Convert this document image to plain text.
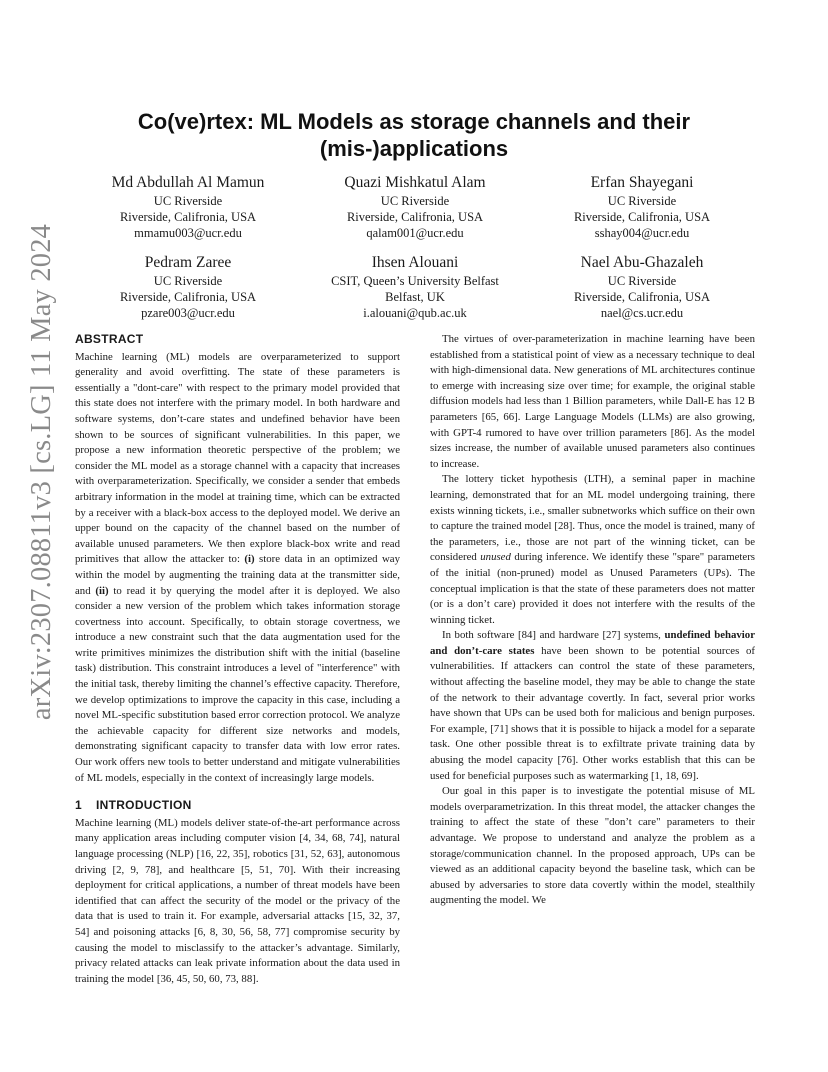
arXiv:2307.08811v3 [cs.LG] 11 May 2024
Co(ve)rtex: ML Models as storage channels and their
(mis-)applications
Md Abdullah Al Mamun
UC Riverside
Riverside, Califronia, USA
mmamu003@ucr.edu
Quazi Mishkatul Alam
UC Riverside
Riverside, Califronia, USA
qalam001@ucr.edu
Erfan Shayegani
UC Riverside
Riverside, Califronia, USA
sshay004@ucr.edu
Pedram Zaree
UC Riverside
Riverside, Califronia, USA
pzare003@ucr.edu
Ihsen Alouani
CSIT, Queen’s University Belfast
Belfast, UK
i.alouani@qub.ac.uk
Nael Abu-Ghazaleh
UC Riverside
Riverside, Califronia, USA
nael@cs.ucr.edu
ABSTRACT

Machine learning (ML) models are overparameterized to support generality and avoid overfitting. The state of these parameters is essentially a "dont-care" with respect to the primary model provided that this state does not interfere with the primary model. In both hardware and software systems, don’t-care states and undefined behavior have been shown to be sources of significant vulnerabilities. In this paper, we propose a new information theoretic perspective of the problem; we consider the ML model as a storage channel with a capacity that increases with overparameterization. Specifically, we consider a sender that embeds arbitrary information in the model at training time, which can be extracted by a receiver with a black-box access to the deployed model. We derive an upper bound on the capacity of the channel based on the number of available unused parameters. We then explore black-box write and read primitives that allow the attacker to: (i) store data in an optimized way within the model by augmenting the training data at the transmitter side, and (ii) to read it by querying the model after it is deployed. We also consider a new version of the problem which takes information storage covertness into account. Specifically, to obtain storage covertness, we introduce a new constraint such that the data augmentation used for the write primitives minimizes the distribution shift with the initial (baseline task) distribution. This constraint introduces a level of "interference" with the initial task, thereby limiting the channel’s effective capacity. Therefore, we develop optimizations to improve the capacity in this case, including a novel ML-specific substitution based error correction protocol. We analyze the achievable capacity for different size networks and models, demonstrating significant capacity to transfer data with low error rates. Our work offers new tools to better understand and mitigate vulnerabilities of ML models, especially in the context of increasingly large models.

1 INTRODUCTION

Machine learning (ML) models deliver state-of-the-art performance across many application areas including computer vision [4, 34, 68, 74], natural language processing (NLP) [16, 22, 35], robotics [31, 52, 63], autonomous driving [2, 9, 78], and healthcare [5, 51, 70]. With their increasing deployment for critical applications, a number of threat models have been identified that can affect the security of the model or the privacy of the data that is used to train it. For example, adversarial attacks [15, 32, 37, 54] and poisoning attacks [6, 8, 30, 56, 58, 77] compromise security by causing the model to misclassify to the attacker’s advantage. Similarly, privacy related attacks can leak private information about the data used in training the model [36, 45, 50, 60, 73, 88].

The virtues of over-parameterization in machine learning have been established from a statistical point of view as a necessary technique to deal with high-dimensional data. New generations of ML architectures continue to emerge with increasing size over time; for example, the original stable diffusion models had less than 1 Billion parameters, while Dall-E has 12 B parameters [65, 66]. Large Language Models (LLMs) are also growing, with GPT-4 rumored to have over trillion parameters [86]. As the model sizes increase, the number of available unused parameters also continues to increase.

The lottery ticket hypothesis (LTH), a seminal paper in machine learning, demonstrated that for an ML model undergoing training, there exists winning tickets, i.e., smaller subnetworks which suffice on their own to capture the trained model [28]. Thus, once the model is trained, many of the parameters, i.e., those are not part of the winning ticket, can be considered unused during inference. We identify these "spare" parameters of the initial (non-pruned) model as Unused Parameters (UPs). The conceptual implication is that the state of these parameters does not matter (or is a don’t care) provided it does not interfere with the results of the winning ticket.

In both software [84] and hardware [27] systems, undefined behavior and don’t-care states have been shown to be potential sources of vulnerabilities. If attackers can control the state of these parameters, without affecting the baseline model, they may be able to change the state of the network to their advantage covertly. In fact, several prior works have shown that UPs can be used both for malicious and benign purposes. For example, [71] shows that it is possible to hijack a model for a separate task. One other possible threat is to exfiltrate private training data by abusing the model capacity [76]. Other works establish that this can be used for beneficial purposes such as watermarking [1, 18, 69].

Our goal in this paper is to investigate the potential misuse of ML models overparametrization. In this threat model, the attacker changes the training to affect the state of these "don’t care" parameters to their advantage. We propose to understand and analyze the problem as a storage/communication channel. In the proposed approach, UPs can be viewed as an additional capacity beyond the baseline task, which can be abused by adversaries to store data covertly within the model, stealthily augmenting the model. We
